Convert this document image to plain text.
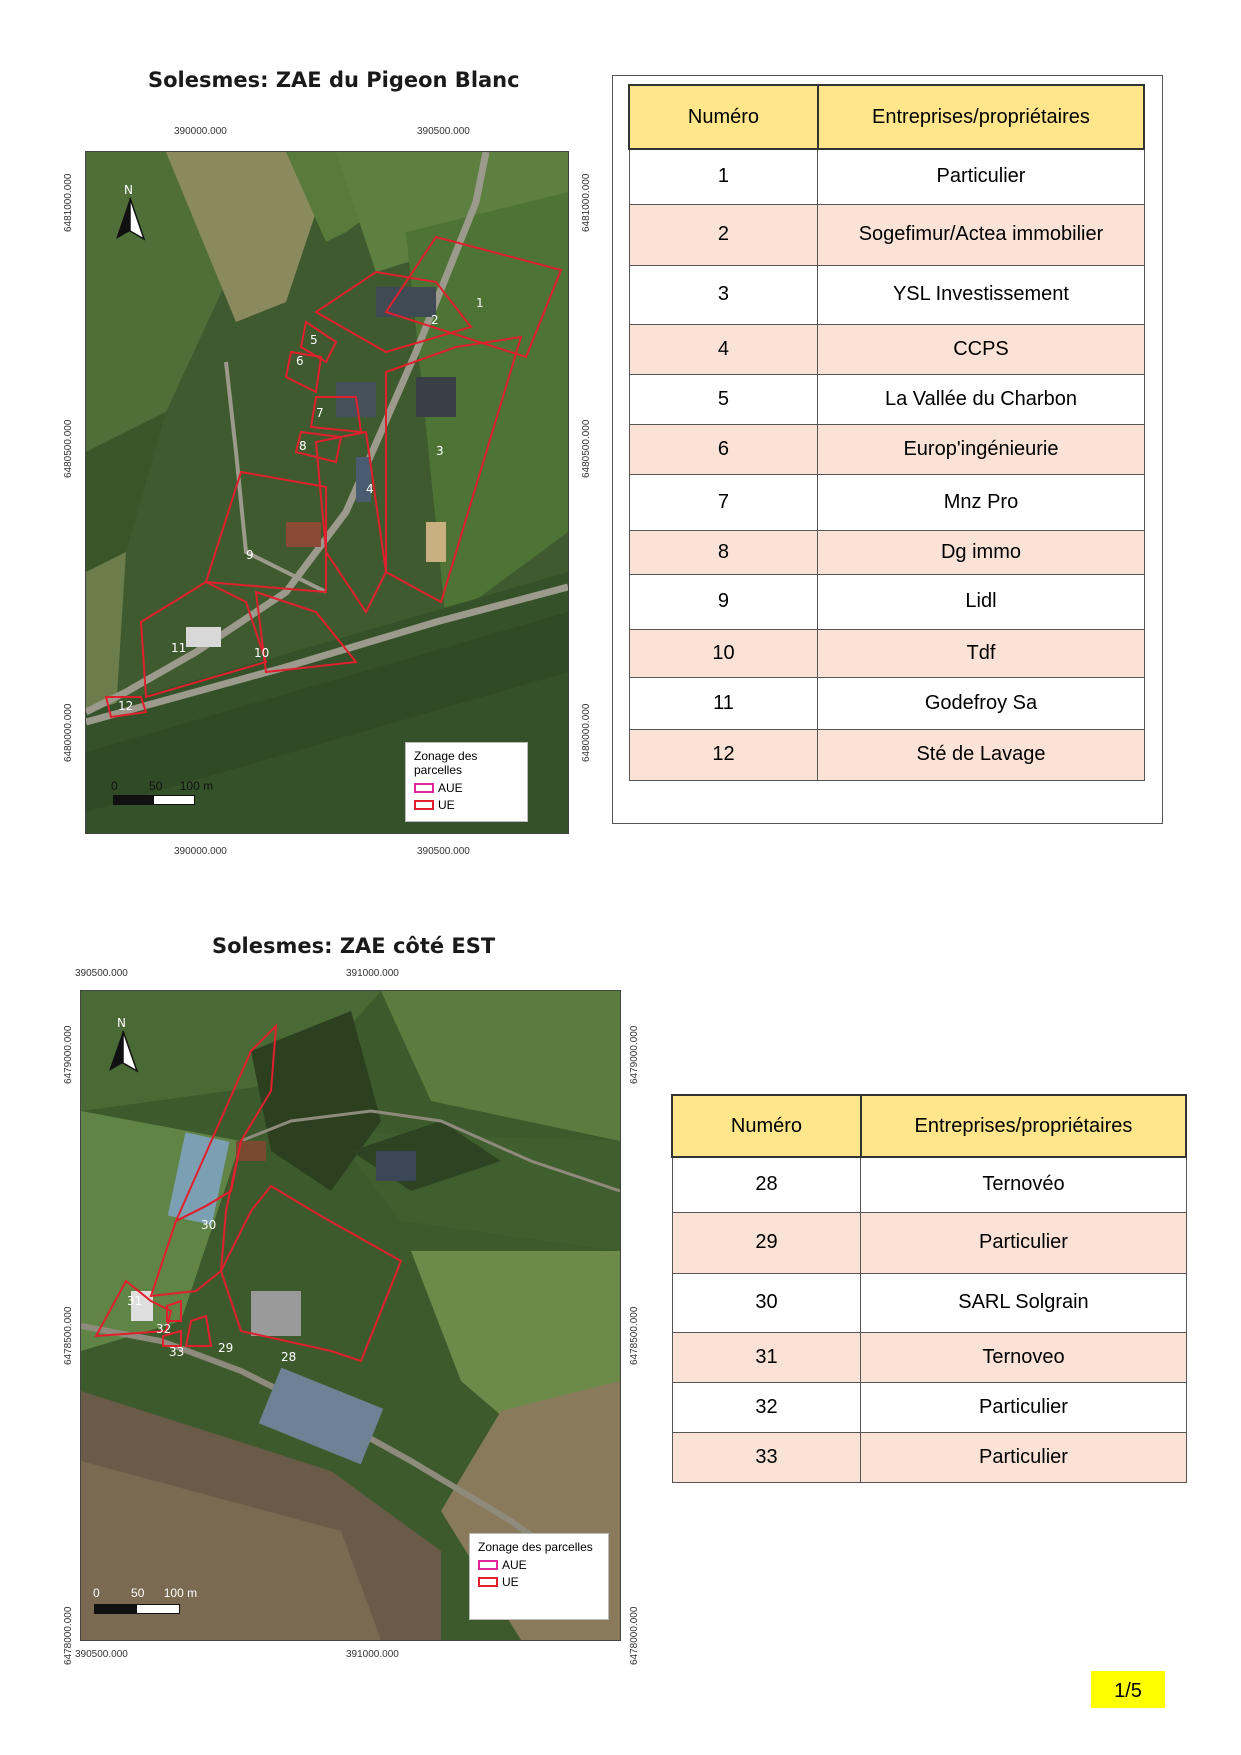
Solesmes: ZAE du Pigeon Blanc
390000.000	390500.000
390000.000	390500.000
6481000.000
6480500.000
6480000.000
6481000.000
6480500.000
6480000.000
1
2
3
4
5
6
7
8
9
10
11
12
N
Zonage des parcelles
AUE
UE
0	50 100 m
Numéro	Entreprises/propriétaires
1	Particulier
2	Sogefimur/Actea immobilier
3	YSL Investissement
4	CCPS
5	La Vallée du Charbon
6	Europ'ingénieurie
7	Mnz Pro
8	Dg immo
9	Lidl
10	Tdf
11	Godefroy Sa
12	Sté de Lavage
Solesmes: ZAE côté EST
390500.000	391000.000
390500.000	391000.000
6479000.000
6478500.000
6478000.000
6479000.000
6478500.000
6478000.000
28
29
30
31
32
33
N
Zonage des parcelles
AUE
UE
0	50 100 m
Numéro	Entreprises/propriétaires
28	Ternovéo
29	Particulier
30	SARL Solgrain
31	Ternoveo
32	Particulier
33	Particulier
1/5
